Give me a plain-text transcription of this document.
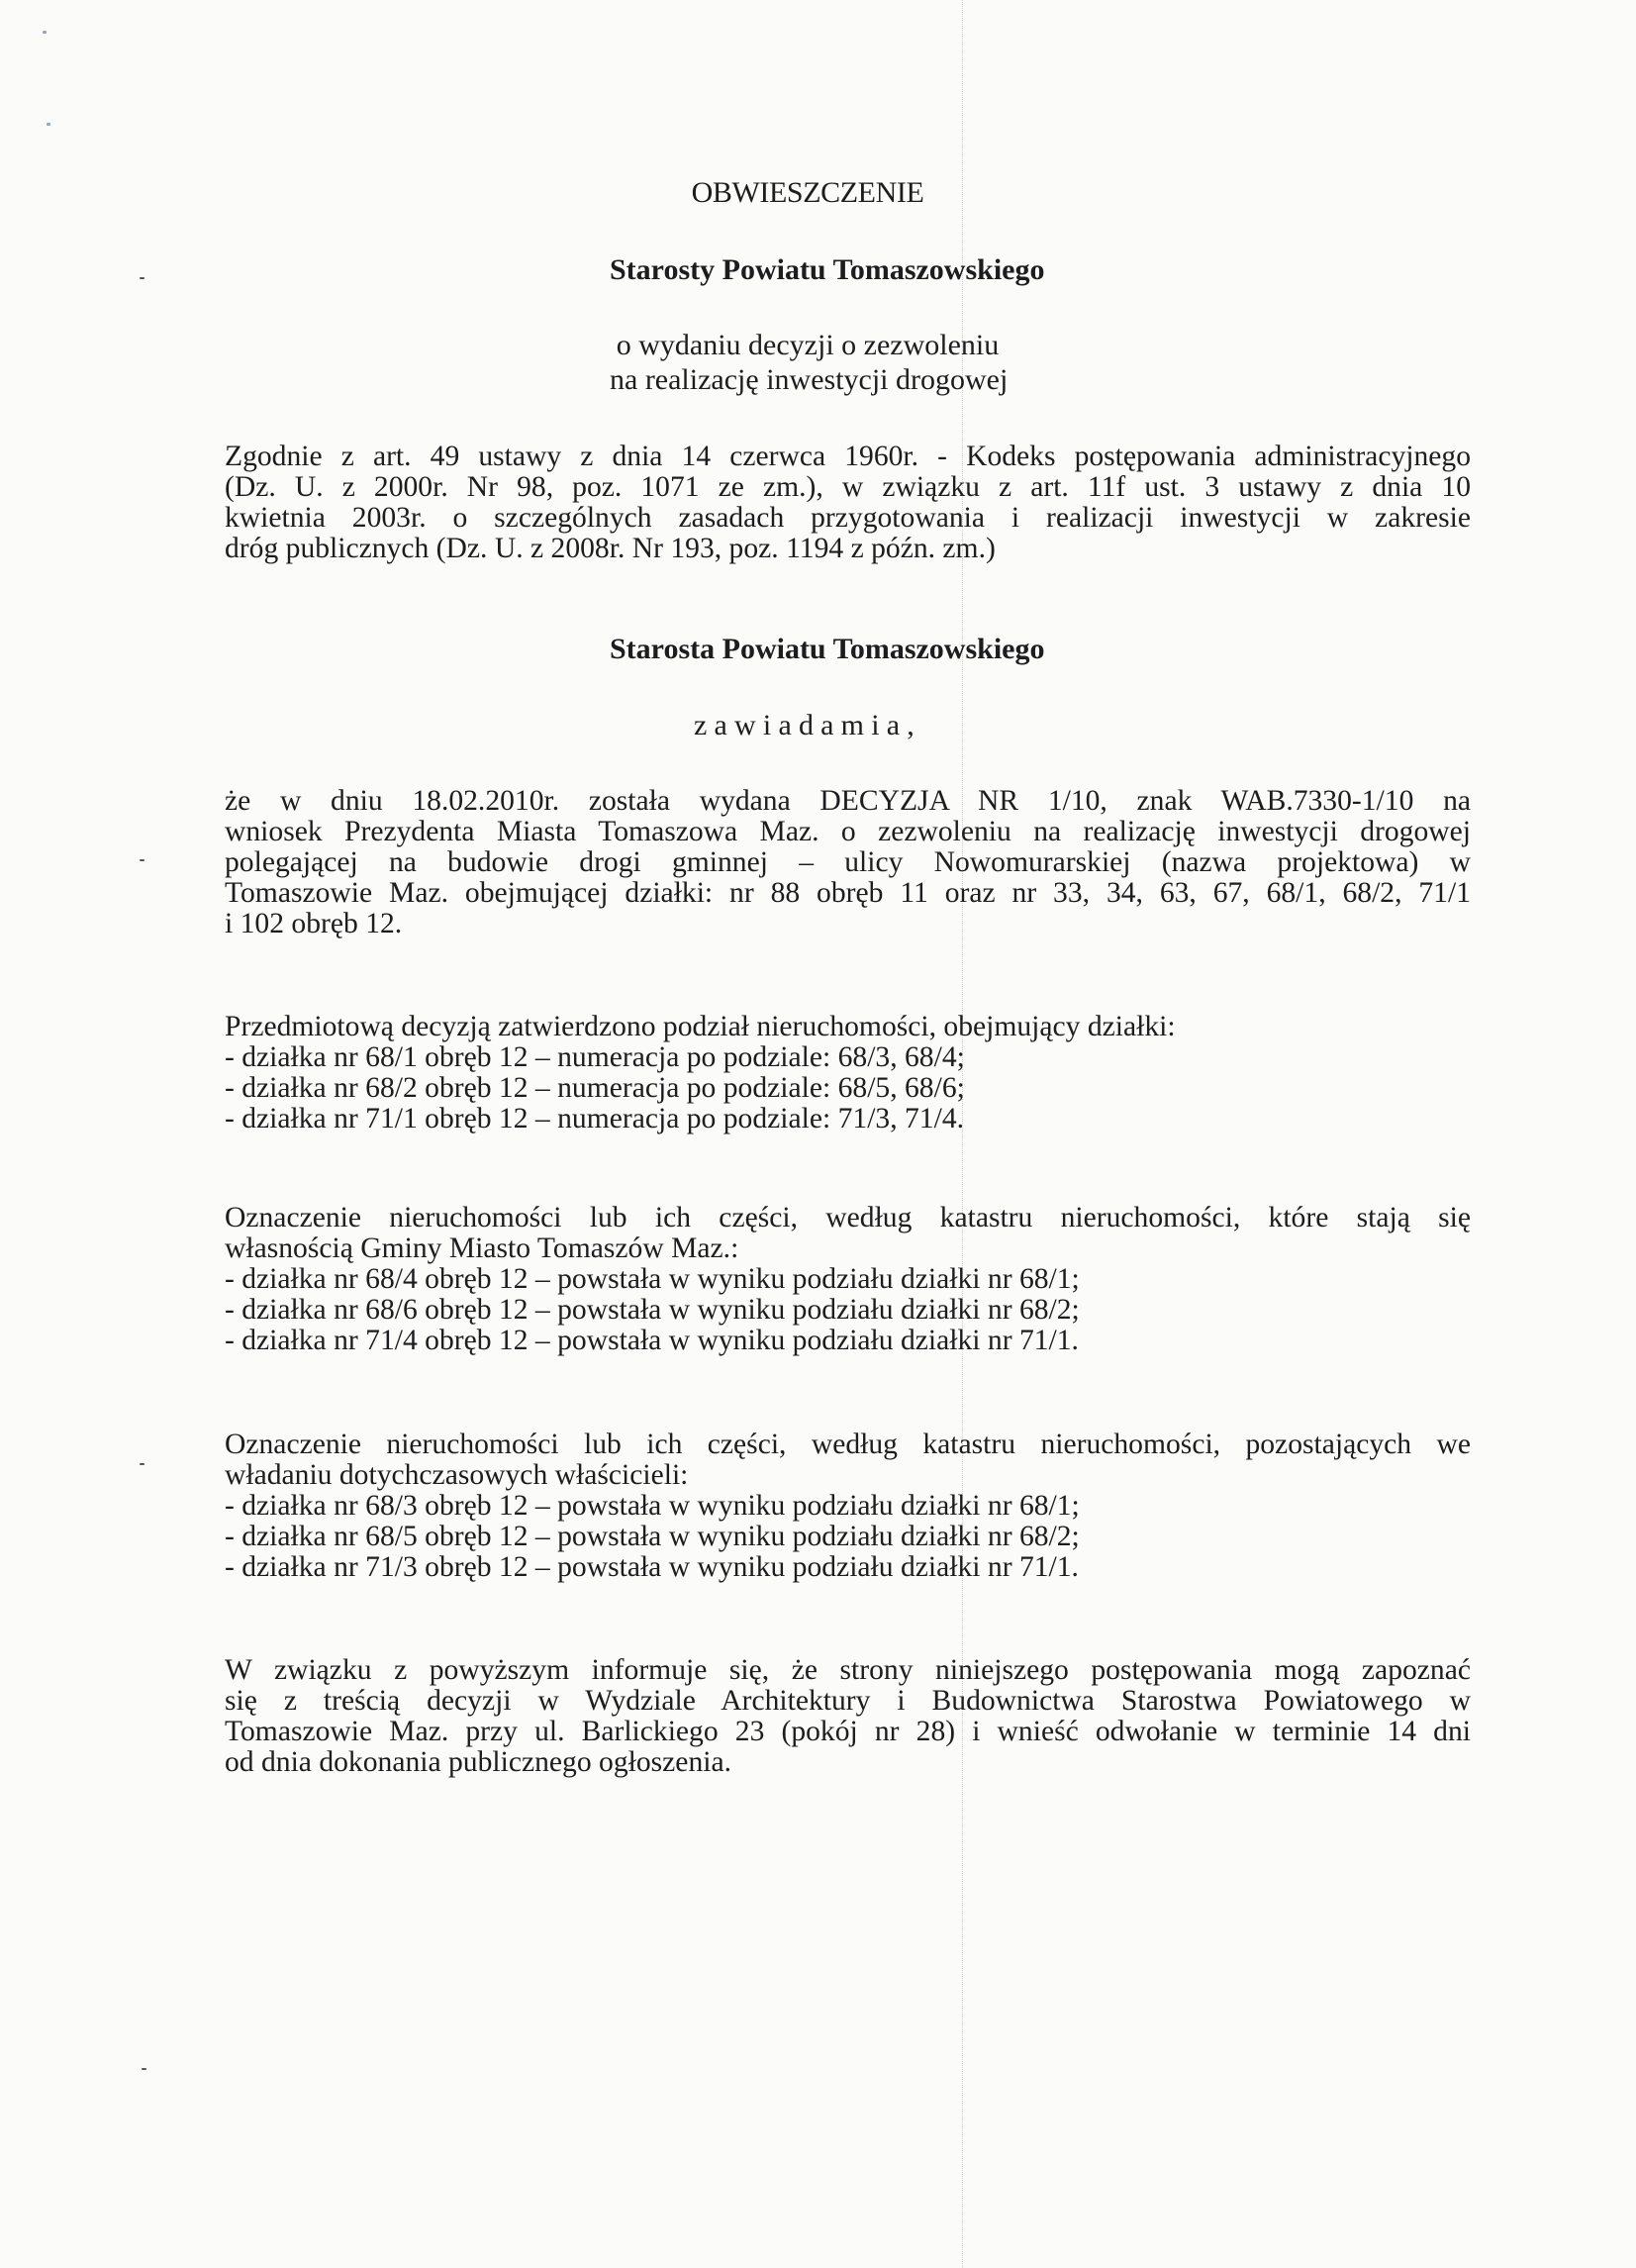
OBWIESZCZENIE
Starosty Powiatu Tomaszowskiego
o wydaniu decyzji o zezwoleniu
na realizację inwestycji drogowej
Zgodnie z art. 49 ustawy z dnia 14 czerwca 1960r. - Kodeks postępowania administracyjnego
(Dz. U. z 2000r. Nr 98, poz. 1071 ze zm.), w związku z art. 11f ust. 3 ustawy z dnia 10
kwietnia 2003r. o szczególnych zasadach przygotowania i realizacji inwestycji w zakresie
dróg publicznych (Dz. U. z 2008r. Nr 193, poz. 1194 z późn. zm.)
Starosta Powiatu Tomaszowskiego
zawiadamia,
że w dniu 18.02.2010r. została wydana DECYZJA NR 1/10, znak WAB.7330-1/10 na
wniosek Prezydenta Miasta Tomaszowa Maz. o zezwoleniu na realizację inwestycji drogowej
polegającej na budowie drogi gminnej – ulicy Nowomurarskiej (nazwa projektowa) w
Tomaszowie Maz. obejmującej działki: nr 88 obręb 11 oraz nr 33, 34, 63, 67, 68/1, 68/2, 71/1
i 102 obręb 12.
Przedmiotową decyzją zatwierdzono podział nieruchomości, obejmujący działki:
- działka nr 68/1 obręb 12 – numeracja po podziale: 68/3, 68/4;
- działka nr 68/2 obręb 12 – numeracja po podziale: 68/5, 68/6;
- działka nr 71/1 obręb 12 – numeracja po podziale: 71/3, 71/4.
Oznaczenie nieruchomości lub ich części, według katastru nieruchomości, które stają się
własnością Gminy Miasto Tomaszów Maz.:
- działka nr 68/4 obręb 12 – powstała w wyniku podziału działki nr 68/1;
- działka nr 68/6 obręb 12 – powstała w wyniku podziału działki nr 68/2;
- działka nr 71/4 obręb 12 – powstała w wyniku podziału działki nr 71/1.
Oznaczenie nieruchomości lub ich części, według katastru nieruchomości, pozostających we
władaniu dotychczasowych właścicieli:
- działka nr 68/3 obręb 12 – powstała w wyniku podziału działki nr 68/1;
- działka nr 68/5 obręb 12 – powstała w wyniku podziału działki nr 68/2;
- działka nr 71/3 obręb 12 – powstała w wyniku podziału działki nr 71/1.
W związku z powyższym informuje się, że strony niniejszego postępowania mogą zapoznać
się z treścią decyzji w Wydziale Architektury i Budownictwa Starostwa Powiatowego w
Tomaszowie Maz. przy ul. Barlickiego 23 (pokój nr 28) i wnieść odwołanie w terminie 14 dni
od dnia dokonania publicznego ogłoszenia.
